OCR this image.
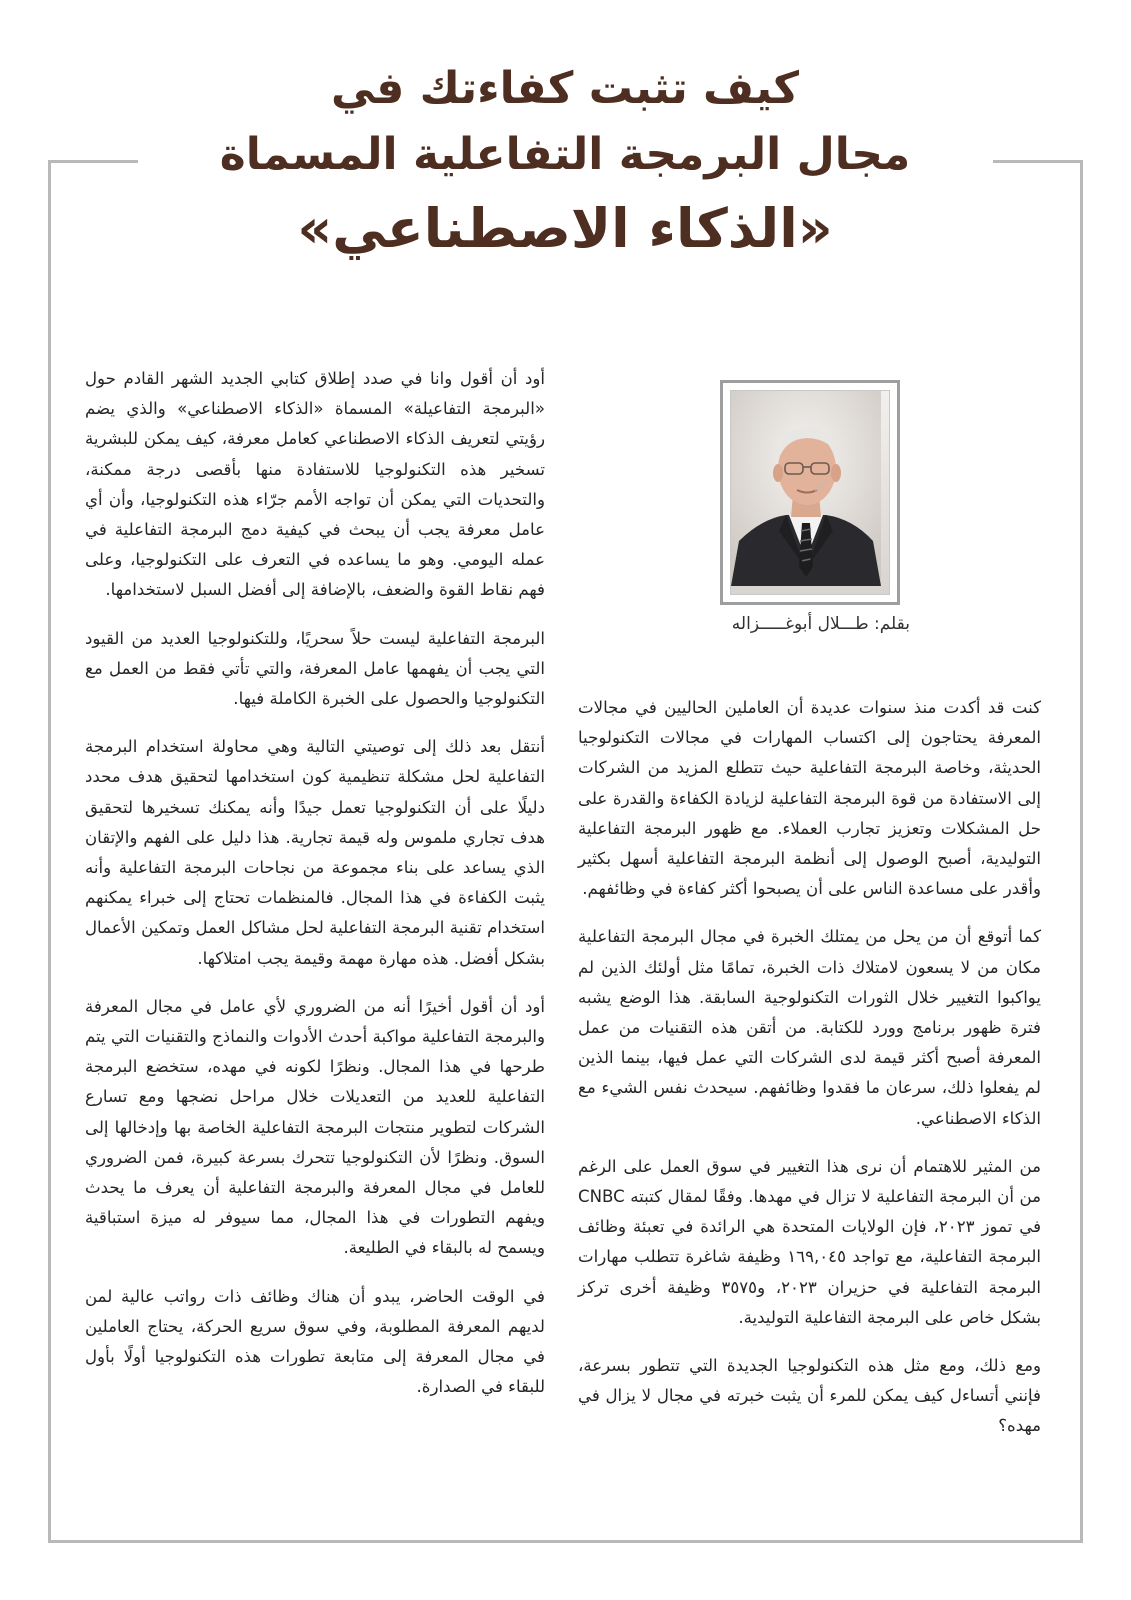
كيف تثبت كفاءتك في
مجال البرمجة التفاعلية المسماة
«الذكاء الاصطناعي»
بقلم: طـــلال أبوغـــــزاله

أود أن أقول وانا في صدد إطلاق كتابي الجديد الشهر القادم حول «البرمجة التفاعيلة» المسماة «الذكاء الاصطناعي» والذي يضم رؤيتي لتعريف الذكاء الاصطناعي كعامل معرفة، كيف يمكن للبشرية تسخير هذه التكنولوجيا للاستفادة منها بأقصى درجة ممكنة، والتحديات التي يمكن أن تواجه الأمم جرّاء هذه التكنولوجيا، وأن أي عامل معرفة يجب أن يبحث في كيفية دمج البرمجة التفاعلية في عمله اليومي. وهو ما يساعده في التعرف على التكنولوجيا، وعلى فهم نقاط القوة والضعف، بالإضافة إلى أفضل السبل لاستخدامها.

البرمجة التفاعلية ليست حلاً سحريًا، وللتكنولوجيا العديد من القيود التي يجب أن يفهمها عامل المعرفة، والتي تأتي فقط من العمل مع التكنولوجيا والحصول على الخبرة الكاملة فيها.

أنتقل بعد ذلك إلى توصيتي التالية وهي محاولة استخدام البرمجة التفاعلية لحل مشكلة تنظيمية كون استخدامها لتحقيق هدف محدد دليلًا على أن التكنولوجيا تعمل جيدًا وأنه يمكنك تسخيرها لتحقيق هدف تجاري ملموس وله قيمة تجارية. هذا دليل على الفهم والإتقان الذي يساعد على بناء مجموعة من نجاحات البرمجة التفاعلية وأنه يثبت الكفاءة في هذا المجال. فالمنظمات تحتاج إلى خبراء يمكنهم استخدام تقنية البرمجة التفاعلية لحل مشاكل العمل وتمكين الأعمال بشكل أفضل. هذه مهارة مهمة وقيمة يجب امتلاكها.

أود أن أقول أخيرًا أنه من الضروري لأي عامل في مجال المعرفة والبرمجة التفاعلية مواكبة أحدث الأدوات والنماذج والتقنيات التي يتم طرحها في هذا المجال. ونظرًا لكونه في مهده، ستخضع البرمجة التفاعلية للعديد من التعديلات خلال مراحل نضجها ومع تسارع الشركات لتطوير منتجات البرمجة التفاعلية الخاصة بها وإدخالها إلى السوق. ونظرًا لأن التكنولوجيا تتحرك بسرعة كبيرة، فمن الضروري للعامل في مجال المعرفة والبرمجة التفاعلية أن يعرف ما يحدث ويفهم التطورات في هذا المجال، مما سيوفر له ميزة استباقية ويسمح له بالبقاء في الطليعة.

في الوقت الحاضر، يبدو أن هناك وظائف ذات رواتب عالية لمن لديهم المعرفة المطلوبة، وفي سوق سريع الحركة، يحتاج العاملين في مجال المعرفة إلى متابعة تطورات هذه التكنولوجيا أولًا بأول للبقاء في الصدارة.

كنت قد أكدت منذ سنوات عديدة أن العاملين الحاليين في مجالات المعرفة يحتاجون إلى اكتساب المهارات في مجالات التكنولوجيا الحديثة، وخاصة البرمجة التفاعلية حيث تتطلع المزيد من الشركات إلى الاستفادة من قوة البرمجة التفاعلية لزيادة الكفاءة والقدرة على حل المشكلات وتعزيز تجارب العملاء. مع ظهور البرمجة التفاعلية التوليدية، أصبح الوصول إلى أنظمة البرمجة التفاعلية أسهل بكثير وأقدر على مساعدة الناس على أن يصبحوا أكثر كفاءة في وظائفهم.

كما أتوقع أن من يحل من يمتلك الخبرة في مجال البرمجة التفاعلية مكان من لا يسعون لامتلاك ذات الخبرة، تمامًا مثل أولئك الذين لم يواكبوا التغيير خلال الثورات التكنولوجية السابقة. هذا الوضع يشبه فترة ظهور برنامج وورد للكتابة. من أتقن هذه التقنيات من عمل المعرفة أصبح أكثر قيمة لدى الشركات التي عمل فيها، بينما الذين لم يفعلوا ذلك، سرعان ما فقدوا وظائفهم. سيحدث نفس الشيء مع الذكاء الاصطناعي.

من المثير للاهتمام أن نرى هذا التغيير في سوق العمل على الرغم من أن البرمجة التفاعلية لا تزال في مهدها. وفقًا لمقال كتبته CNBC في تموز ٢٠٢٣، فإن الولايات المتحدة هي الرائدة في تعبئة وظائف البرمجة التفاعلية، مع تواجد ١٦٩,٠٤٥ وظيفة شاغرة تتطلب مهارات البرمجة التفاعلية في حزيران ٢٠٢٣، و٣٥٧٥ وظيفة أخرى تركز بشكل خاص على البرمجة التفاعلية التوليدية.

ومع ذلك، ومع مثل هذه التكنولوجيا الجديدة التي تتطور بسرعة، فإنني أتساءل كيف يمكن للمرء أن يثبت خبرته في مجال لا يزال في مهده؟
